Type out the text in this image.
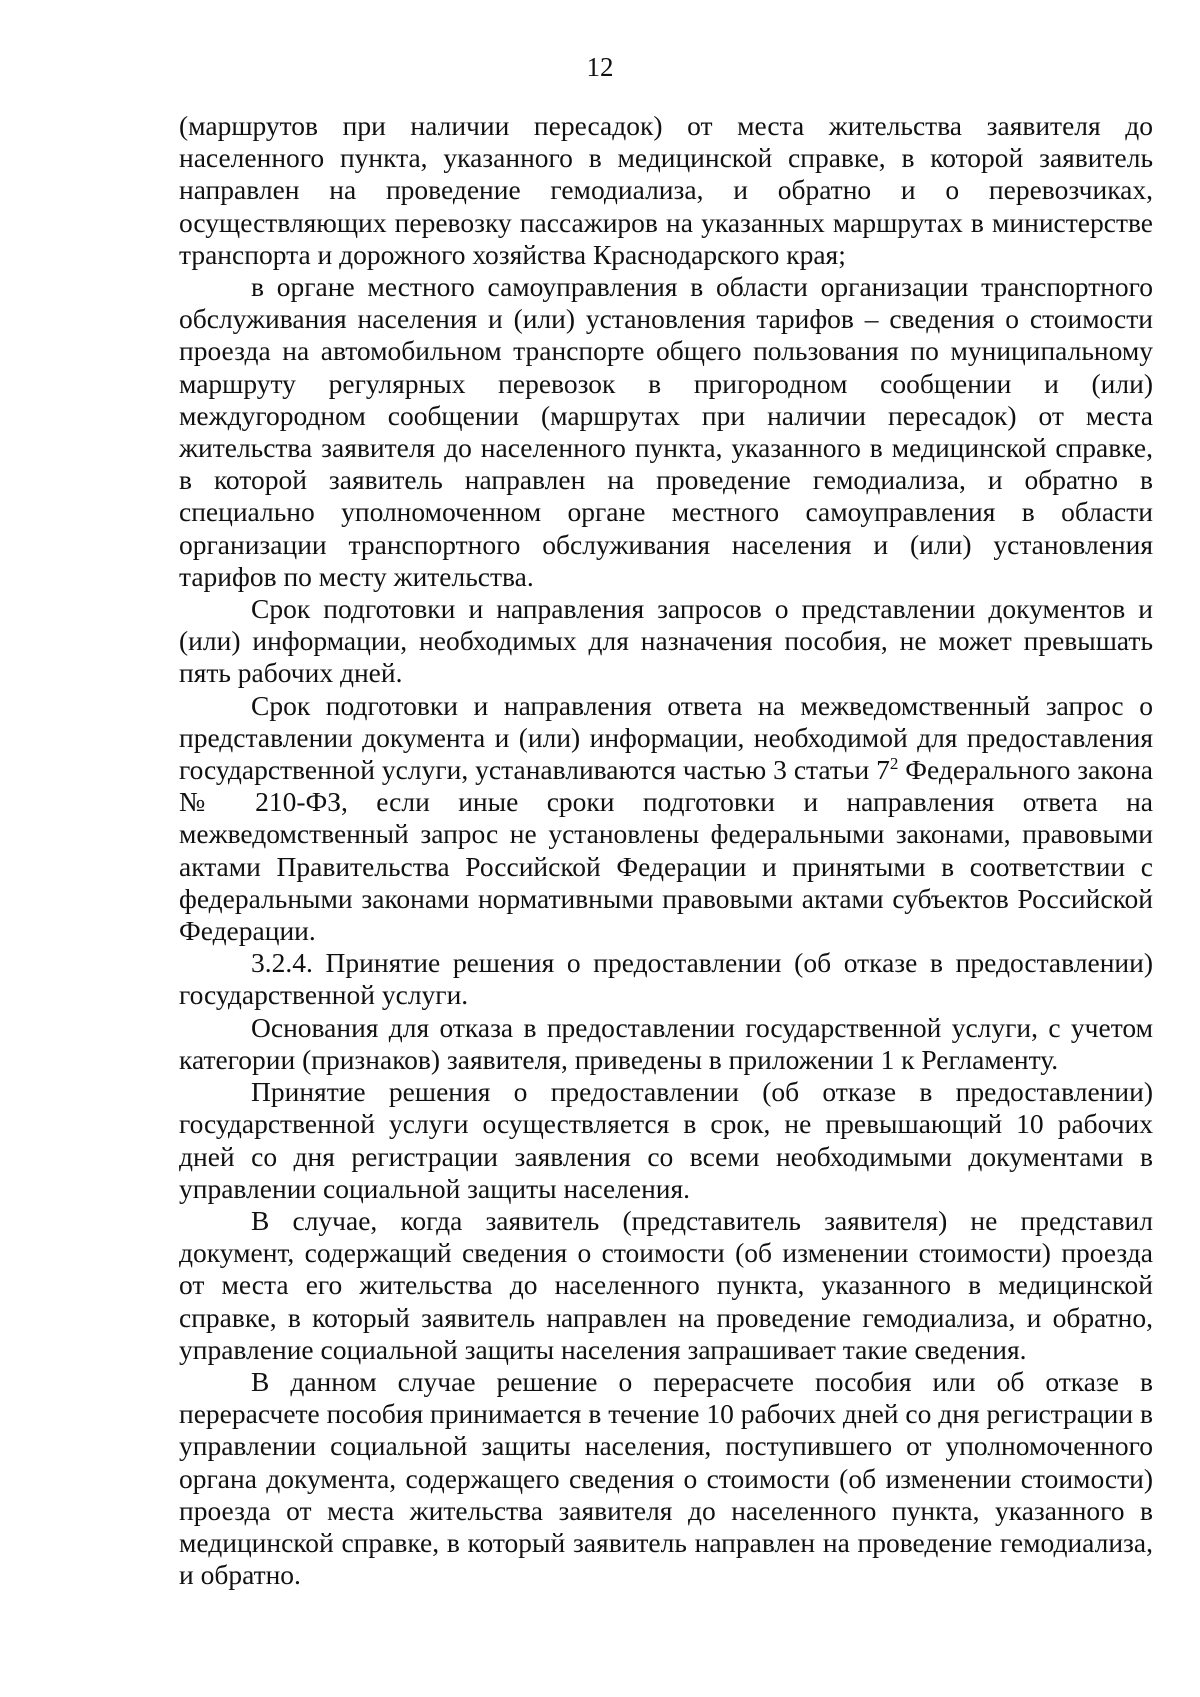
12

(маршрутов при наличии пересадок) от места жительства заявителя до населенного пункта, указанного в медицинской справке, в которой заявитель направлен на проведение гемодиализа, и обратно и о перевозчиках, осуществляющих перевозку пассажиров на указанных маршрутах в министерстве транспорта и дорожного хозяйства Краснодарского края;

в органе местного самоуправления в области организации транспортного обслуживания населения и (или) установления тарифов – сведения о стоимости проезда на автомобильном транспорте общего пользования по муниципальному маршруту регулярных перевозок в пригородном сообщении и (или) междугородном сообщении (маршрутах при наличии пересадок) от места жительства заявителя до населенного пункта, указанного в медицинской справке, в которой заявитель направлен на проведение гемодиализа, и обратно в специально уполномоченном органе местного самоуправления в области организации транспортного обслуживания населения и (или) установления тарифов по месту жительства.

Срок подготовки и направления запросов о представлении документов и (или) информации, необходимых для назначения пособия, не может превышать пять рабочих дней.

Срок подготовки и направления ответа на межведомственный запрос о представлении документа и (или) информации, необходимой для предоставления государственной услуги, устанавливаются частью 3 статьи $7^2$ Федерального закона № 210-ФЗ, если иные сроки подготовки и направления ответа на межведомственный запрос не установлены федеральными законами, правовыми актами Правительства Российской Федерации и принятыми в соответствии с федеральными законами нормативными правовыми актами субъектов Российской Федерации.

3.2.4. Принятие решения о предоставлении (об отказе в предоставлении) государственной услуги.

Основания для отказа в предоставлении государственной услуги, с учетом категории (признаков) заявителя, приведены в приложении 1 к Регламенту.

Принятие решения о предоставлении (об отказе в предоставлении) государственной услуги осуществляется в срок, не превышающий 10 рабочих дней со дня регистрации заявления со всеми необходимыми документами в управлении социальной защиты населения.

В случае, когда заявитель (представитель заявителя) не представил документ, содержащий сведения о стоимости (об изменении стоимости) проезда от места его жительства до населенного пункта, указанного в медицинской справке, в который заявитель направлен на проведение гемодиализа, и обратно, управление социальной защиты населения запрашивает такие сведения.

В данном случае решение о перерасчете пособия или об отказе в перерасчете пособия принимается в течение 10 рабочих дней со дня регистрации в управлении социальной защиты населения, поступившего от уполномоченного органа документа, содержащего сведения о стоимости (об изменении стоимости) проезда от места жительства заявителя до населенного пункта, указанного в медицинской справке, в который заявитель направлен на проведение гемодиализа, и обратно.
